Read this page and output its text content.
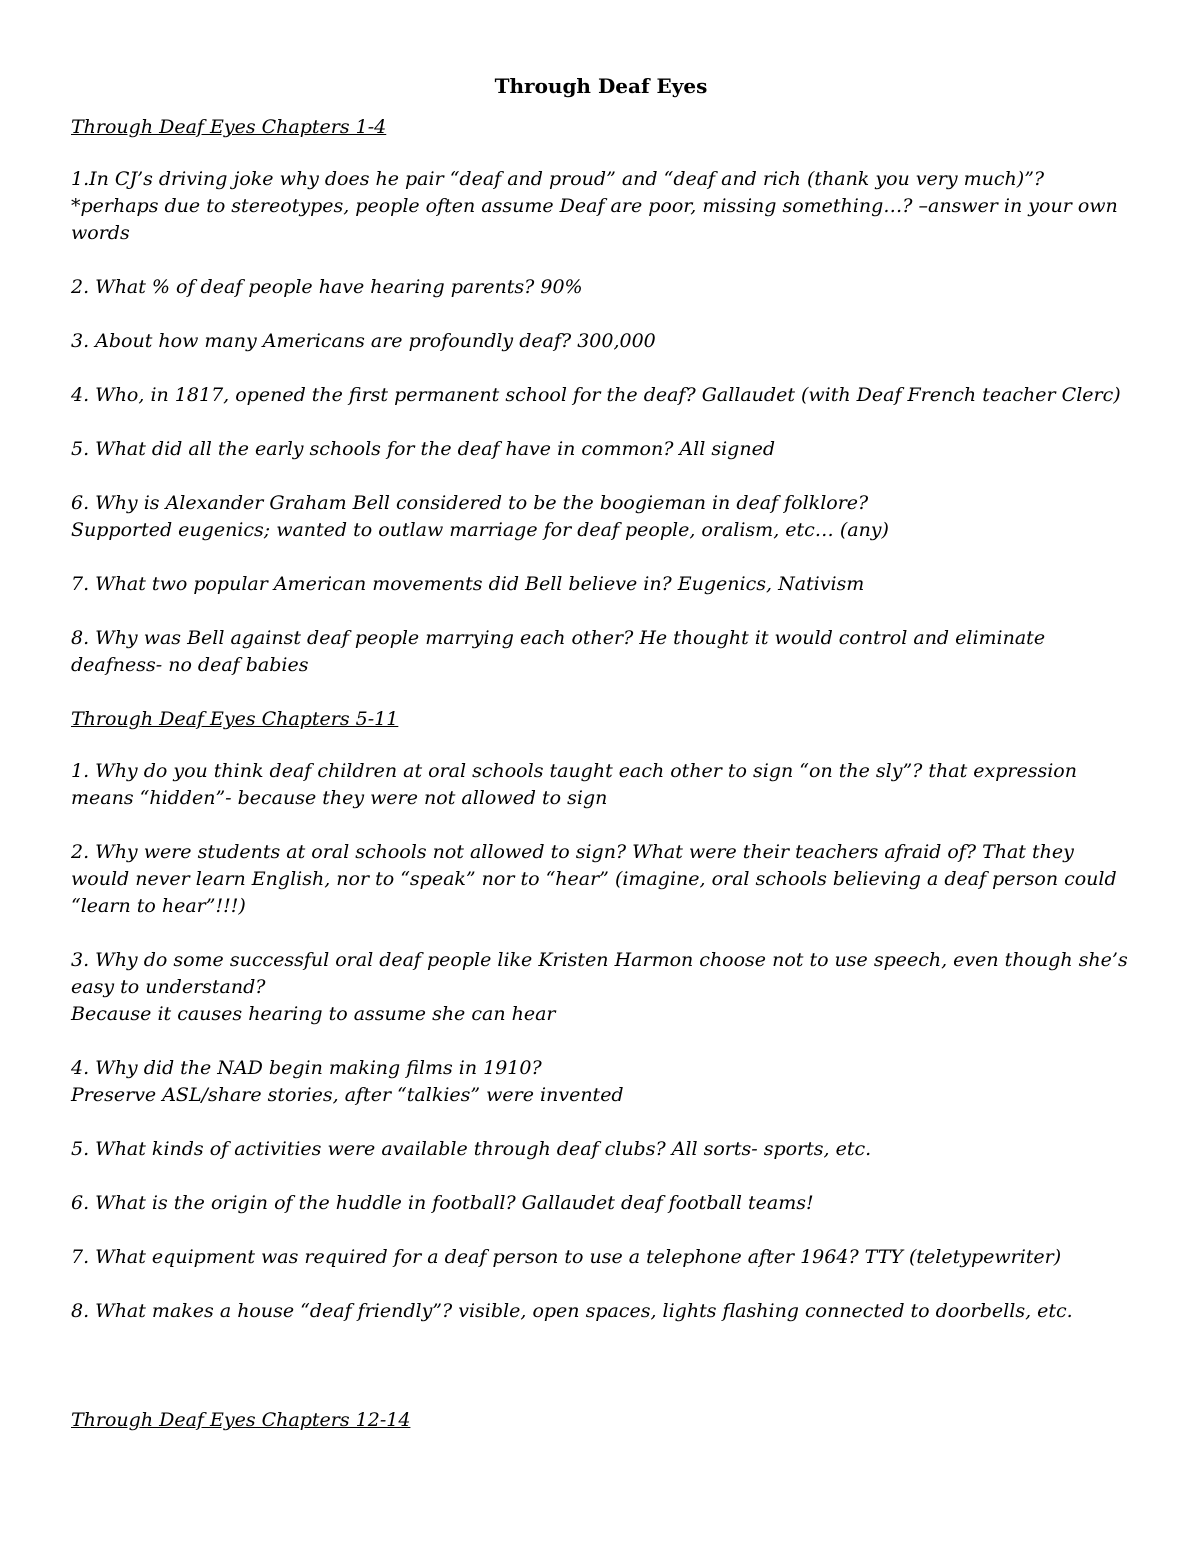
Through Deaf Eyes
Through Deaf Eyes Chapters 1-4
1.In CJ’s driving joke why does he pair “deaf and proud” and “deaf and rich (thank you very much)”?
*perhaps due to stereotypes, people often assume Deaf are poor, missing something…? –answer in your own words
2. What % of deaf people have hearing parents? 90%
3. About how many Americans are profoundly deaf? 300,000
4. Who, in 1817, opened the first permanent school for the deaf? Gallaudet (with Deaf French teacher Clerc)
5. What did all the early schools for the deaf have in common? All signed
6. Why is Alexander Graham Bell considered to be the boogieman in deaf folklore?
Supported eugenics; wanted to outlaw marriage for deaf people, oralism, etc… (any)
7. What two popular American movements did Bell believe in? Eugenics, Nativism
8. Why was Bell against deaf people marrying each other? He thought it would control and eliminate deafness- no deaf babies
Through Deaf Eyes Chapters 5-11
1. Why do you think deaf children at oral schools taught each other to sign “on the sly”? that expression means “hidden”- because they were not allowed to sign
2. Why were students at oral schools not allowed to sign? What were their teachers afraid of? That they would never learn English, nor to “speak” nor to “hear” (imagine, oral schools believing a deaf person could “learn to hear”!!!)
3. Why do some successful oral deaf people like Kristen Harmon choose not to use speech, even though she’s easy to understand?
Because it causes hearing to assume she can hear
4. Why did the NAD begin making films in 1910?
Preserve ASL/share stories, after “talkies” were invented
5. What kinds of activities were available through deaf clubs? All sorts- sports, etc.
6. What is the origin of the huddle in football? Gallaudet deaf football teams!
7. What equipment was required for a deaf person to use a telephone after 1964? TTY (teletypewriter)
8. What makes a house “deaf friendly”? visible, open spaces, lights flashing connected to doorbells, etc.
Through Deaf Eyes Chapters 12-14
